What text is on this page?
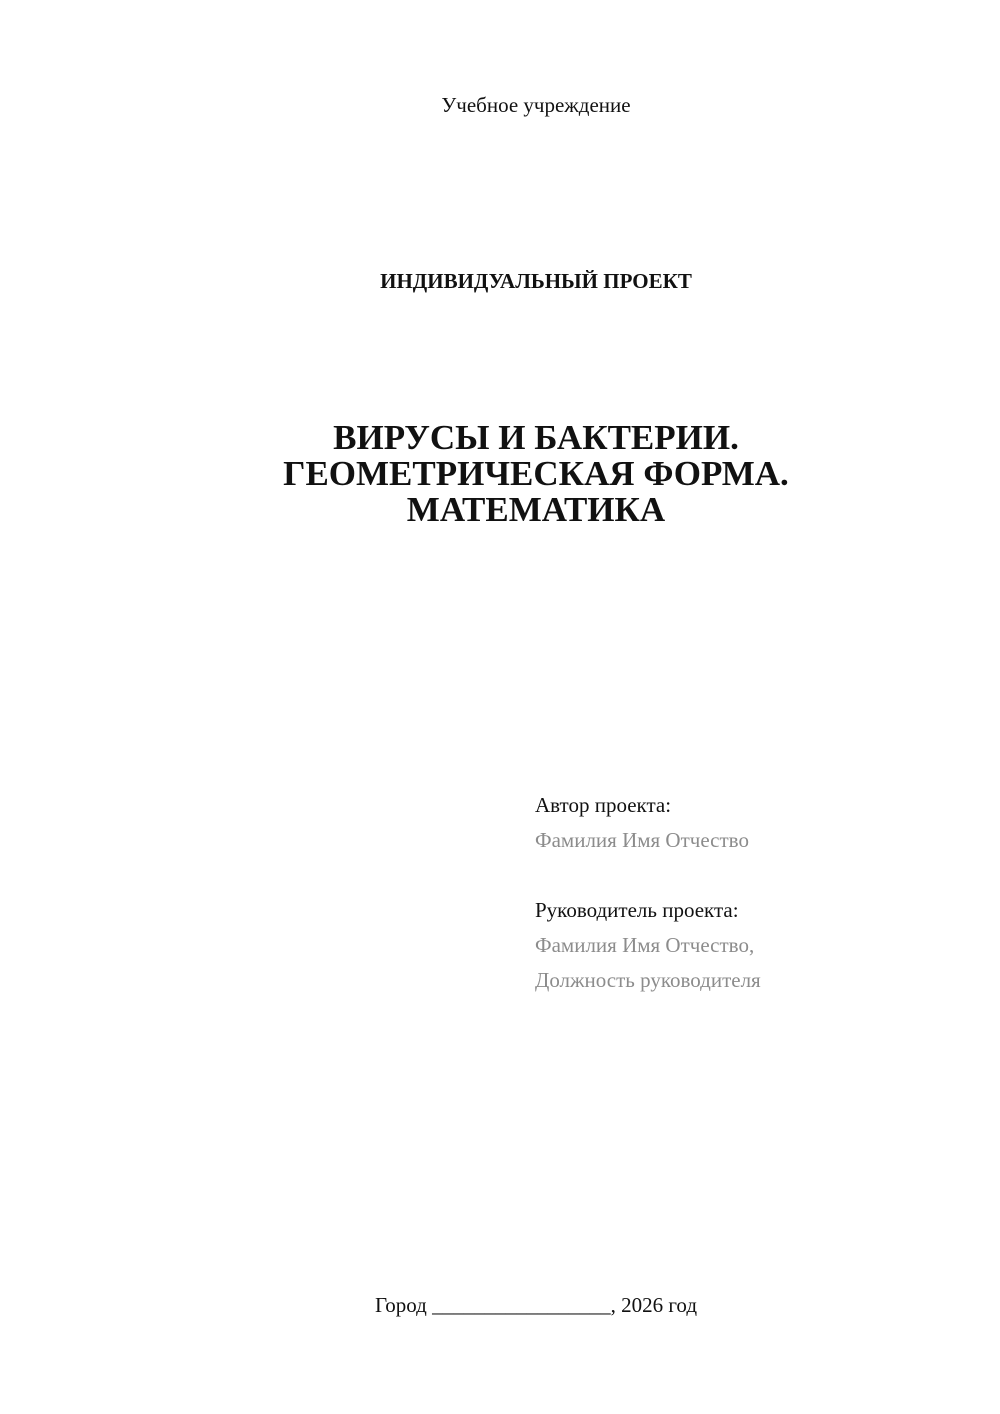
Учебное учреждение
ИНДИВИДУАЛЬНЫЙ ПРОЕКТ
ВИРУСЫ И БАКТЕРИИ.
ГЕОМЕТРИЧЕСКАЯ ФОРМА.
МАТЕМАТИКА
Автор проекта:
Фамилия Имя Отчество
Руководитель проекта:
Фамилия Имя Отчество,
Должность руководителя
Город _________________, 2026 год
